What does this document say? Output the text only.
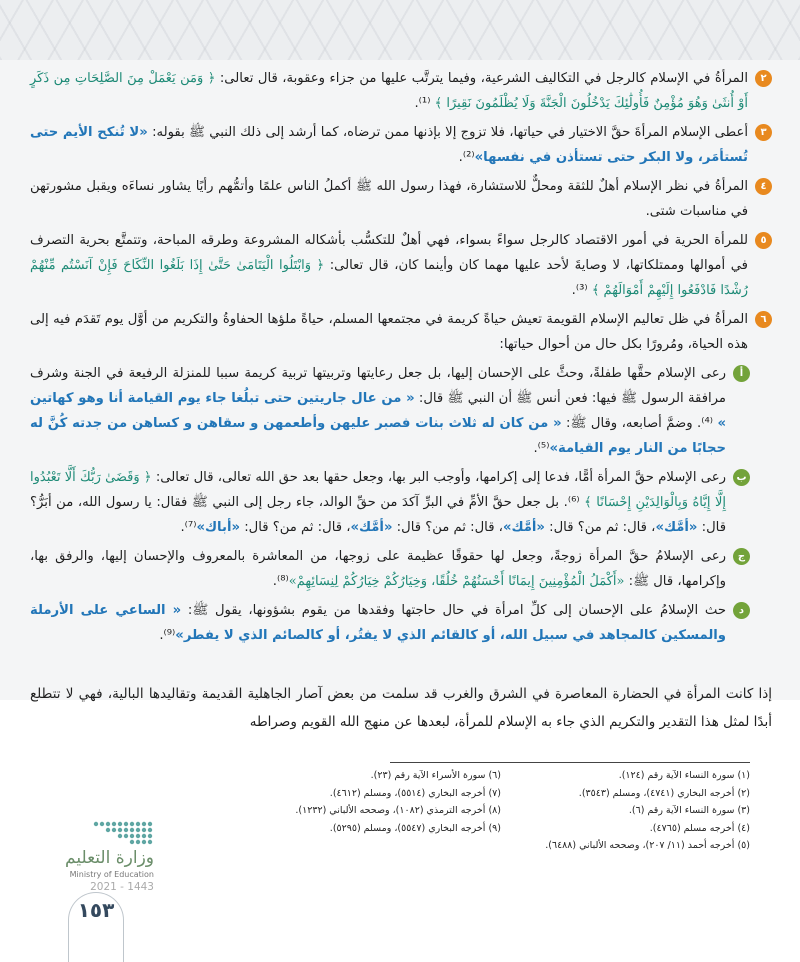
٢
المرأةُ في الإسلام كالرجل في التكاليف الشرعية، وفيما يترتَّب عليها من جزاء وعقوبة، قال تعالى: ﴿ وَمَن يَعْمَلْ مِنَ الصَّلِحَاتِ مِن ذَكَرٍ أَوْ أُنثَىٰ وَهُوَ مُؤْمِنٌ فَأُولَٰئِكَ يَدْخُلُونَ الْجَنَّةَ وَلَا يُظْلَمُونَ نَقِيرًا ﴾ ⁽¹⁾.
٣
أعطى الإسلام المرأةَ حقَّ الاختيار في حياتها، فلا تزوج إلا بإذنها ممن ترضاه، كما أرشد إلى ذلك النبي ﷺ بقوله: «لا تُنكح الأيم حتى تُستأمَر، ولا البكر حتى تستأذن في نفسها»⁽²⁾.
٤
المرأةُ في نظر الإسلام أهلٌ للثقة ومحلٌّ للاستشارة، فهذا رسول الله ﷺ أكملُ الناس علمًا وأتمُّهم رأيًا يشاور نساءَه ويقبل مشورتهن في مناسبات شتى.
٥
للمرأة الحرية في أمور الاقتصاد كالرجل سواءً بسواء، فهي أهلٌ للتكسُّب بأشكاله المشروعة وطرقه المباحة، وتتمتَّع بحرية التصرف في أموالها وممتلكاتها، لا وصايةَ لأحد عليها مهما كان وأينما كان، قال تعالى: ﴿ وَابْتَلُوا الْيَتَامَىٰ حَتَّىٰ إِذَا بَلَغُوا النِّكَاحَ فَإِنْ آنَسْتُم مِّنْهُمْ رُشْدًا فَادْفَعُوا إِلَيْهِمْ أَمْوَالَهُمْ ﴾ ⁽³⁾.
٦
المرأةُ في ظل تعاليم الإسلام القويمة تعيش حياةً كريمة في مجتمعها المسلم، حياةً ملؤها الحفاوةُ والتكريم من أوَّل يوم تَقدَم فيه إلى هذه الحياة، ومُرورًا بكل حال من أحوال حياتها:
أ
رعى الإسلام حقَّها طفلةً، وحثَّ على الإحسان إليها، بل جعل رعايتها وتربيتها تربية كريمة سببا للمنزلة الرفيعة في الجنة وشرف مرافقة الرسول ﷺ فيها: فعن أنس ﷺ أن النبي ﷺ قال: « من عال جاريتين حتى تبلُغا جاء يوم القيامة أنا وهو كهاتين » ⁽⁴⁾. وضمَّ أصابعه، وقال ﷺ: « من كان له ثلاث بنات فصبر عليهن وأطعمهن و سقاهن و كساهن من جدته كُنَّ له حجابًا من النار يوم القيامة»⁽⁵⁾.
ب
رعى الإسلام حقَّ المرأة أمًّا، فدعا إلى إكرامها، وأوجب البر بها، وجعل حقها بعد حق الله تعالى، قال تعالى: ﴿ وَقَضَىٰ رَبُّكَ أَلَّا تَعْبُدُوا إِلَّا إِيَّاهُ وَبِالْوَالِدَيْنِ إِحْسَانًا ﴾ ⁽⁶⁾. بل جعل حقَّ الأمِّ في البرِّ آكدَ من حقِّ الوالد، جاء رجل إلى النبي ﷺ فقال: يا رسول الله، من أبَرُّ؟ قال: «أمَّك»، قال: ثم من؟ قال: «أمَّك»، قال: ثم من؟ قال: «أمَّك»، قال: ثم من؟ قال: «أباك»⁽⁷⁾.
ج
رعى الإسلامُ حقَّ المرأة زوجةً، وجعل لها حقوقًا عظيمة على زوجها، من المعاشرة بالمعروف والإحسان إليها، والرفق بها، وإكرامها، قال ﷺ: «أَكْمَلُ الْمُؤْمِنِينَ إِيمَانًا أَحْسَنُهُمْ خُلُقًا، وَخِيَارُكُمْ خِيَارُكُمْ لِنِسَائِهِمْ»⁽⁸⁾.
د
حث الإسلامُ على الإحسان إلى كلِّ امرأة في حال حاجتها وفقدها من يقوم بشؤونها، يقول ﷺ: « الساعي على الأرملة والمسكين كالمجاهد في سبيل الله، أو كالقائم الذي لا يفتُر، أو كالصائم الذي لا يفطر»⁽⁹⁾.
إذا كانت المرأة في الحضارة المعاصرة في الشرق والغرب قد سلمت من بعض آصار الجاهلية القديمة وتقاليدها البالية، فهي لا تتطلع أبدًا لمثل هذا التقدير والتكريم الذي جاء به الإسلام للمرأة، لبعدها عن منهج الله القويم وصراطه
(١) سورة النساء الآية رقم (١٢٤).
(٢) أخرجه البخاري (٤٧٤١)، ومسلم (٣٥٤٣).
(٣) سورة النساء الآية رقم (٦).
(٤) أخرجه مسلم (٤٧٦٥).
(٥) أخرجه أحمد (١١/ ٢٠٧)، وصححه الألباني (٦٤٨٨).
(٦) سورة الأسراء الآية رقم (٢٣).
(٧) أخرجه البخاري (٥٥١٤)، ومسلم (٤٦١٢).
(٨) أخرجه الترمذي (١٠٨٢)، وصححه الألباني (١٢٣٢).
(٩) أخرجه البخاري (٥٥٤٧)، ومسلم (٥٢٩٥).
وزارة التعليم
Ministry of Education
2021 - 1443
١٥٣
